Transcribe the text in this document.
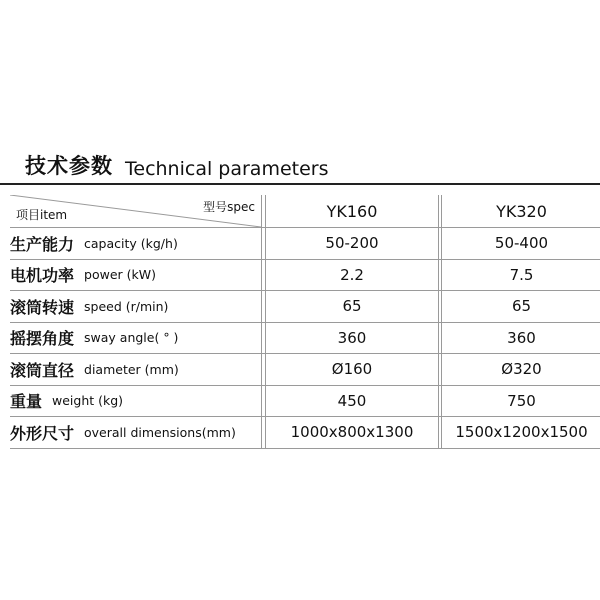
技术参数 Technical parameters
型号spec
项目item	YK160	YK320
生产能力 capacity (kg/h)	50-200	50-400
电机功率 power (kW)	2.2	7.5
滚筒转速 speed (r/min)	65	65
摇摆角度 sway angle( ° )	360	360
滚筒直径 diameter (mm)	Ø160	Ø320
重量 weight (kg)	450	750
外形尺寸 overall dimensions(mm)	1000x800x1300	1500x1200x1500
